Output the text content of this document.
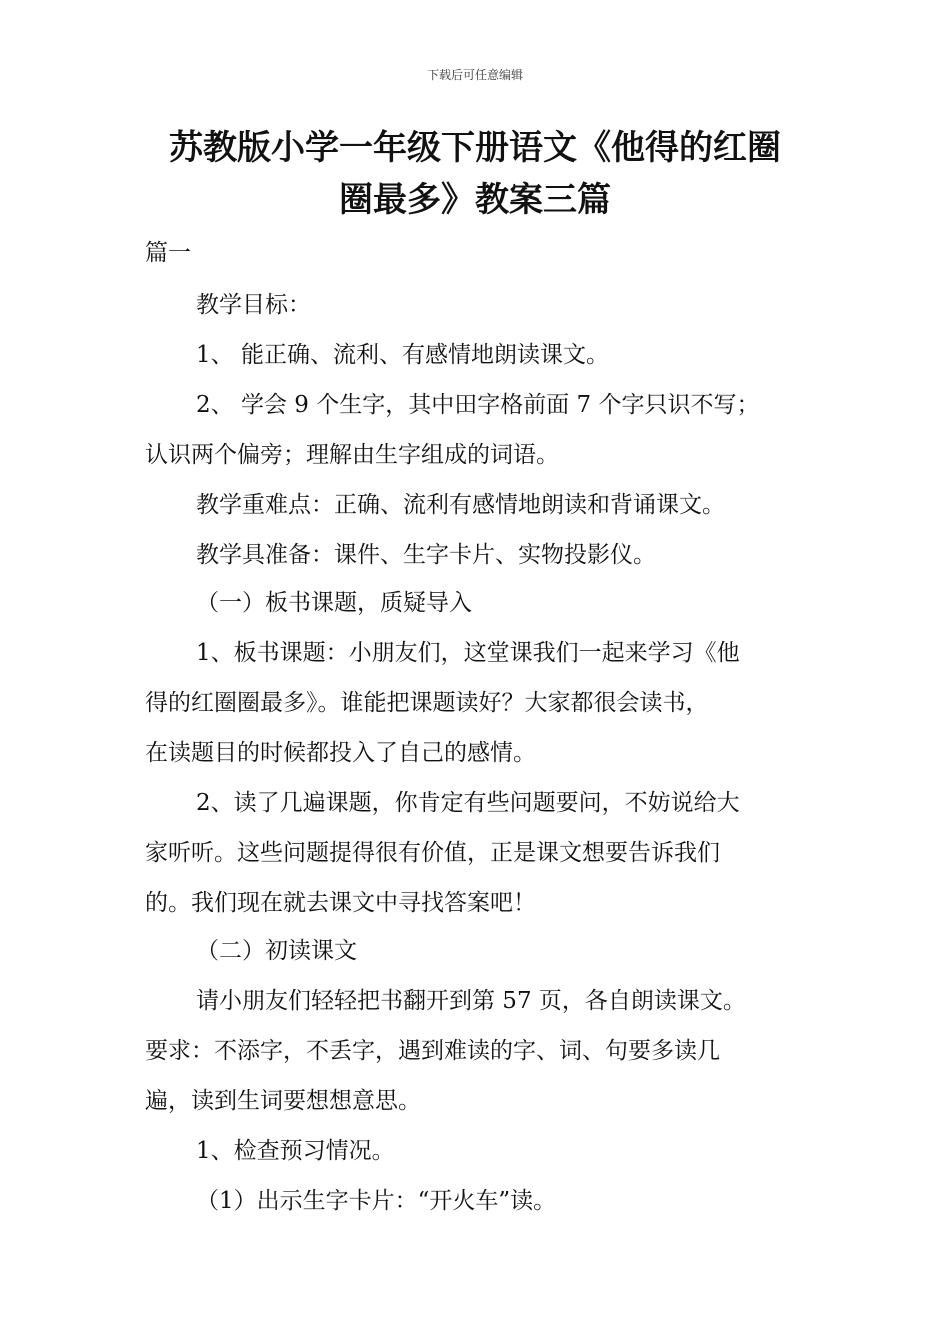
下载后可任意编辑
苏教版小学一年级下册语文《他得的红圈
圈最多》教案三篇
篇一
教学目标：
1、 能正确、流利、有感情地朗读课文。
2、 学会 9 个生字，其中田字格前面 7 个字只识不写；
认识两个偏旁；理解由生字组成的词语。
教学重难点：正确、流利有感情地朗读和背诵课文。
教学具准备：课件、生字卡片、实物投影仪。
（一）板书课题，质疑导入
1、板书课题：小朋友们，这堂课我们一起来学习《他
得的红圈圈最多》。谁能把课题读好？大家都很会读书，
在读题目的时候都投入了自己的感情。
2、读了几遍课题，你肯定有些问题要问，不妨说给大
家听听。这些问题提得很有价值，正是课文想要告诉我们
的。我们现在就去课文中寻找答案吧！
（二）初读课文
请小朋友们轻轻把书翻开到第 57 页，各自朗读课文。
要求：不添字，不丢字，遇到难读的字、词、句要多读几
遍，读到生词要想想意思。
1、检查预习情况。
（1）出示生字卡片：“开火车”读。
